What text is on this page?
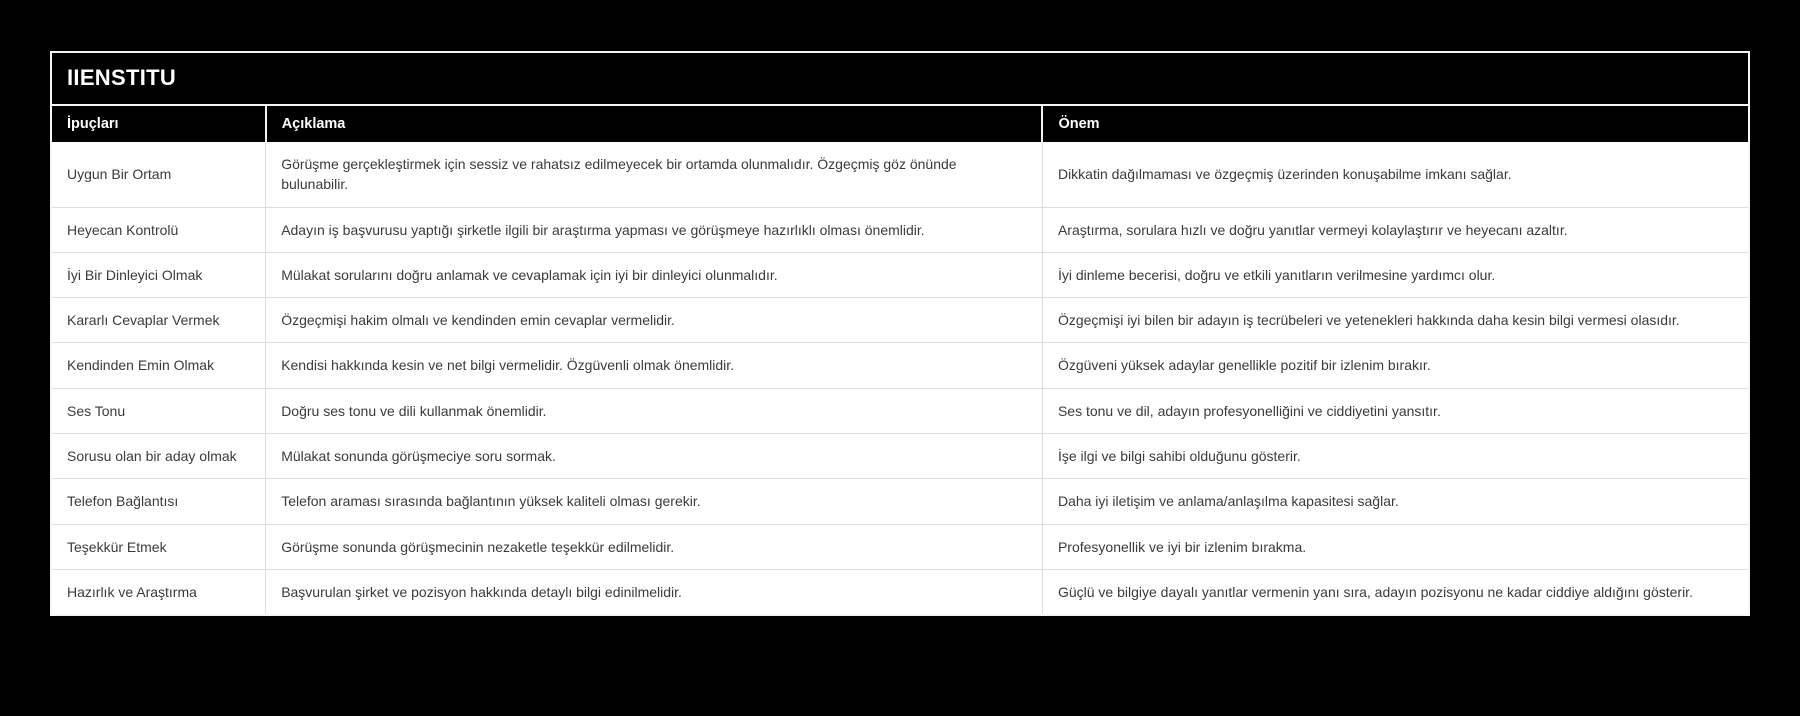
IIENSTITU
İpuçları	Açıklama	Önem
Uygun Bir Ortam	Görüşme gerçekleştirmek için sessiz ve rahatsız edilmeyecek bir ortamda olunmalıdır. Özgeçmiş göz önünde bulunabilir.	Dikkatin dağılmaması ve özgeçmiş üzerinden konuşabilme imkanı sağlar.
Heyecan Kontrolü	Adayın iş başvurusu yaptığı şirketle ilgili bir araştırma yapması ve görüşmeye hazırlıklı olması önemlidir.	Araştırma, sorulara hızlı ve doğru yanıtlar vermeyi kolaylaştırır ve heyecanı azaltır.
İyi Bir Dinleyici Olmak	Mülakat sorularını doğru anlamak ve cevaplamak için iyi bir dinleyici olunmalıdır.	İyi dinleme becerisi, doğru ve etkili yanıtların verilmesine yardımcı olur.
Kararlı Cevaplar Vermek	Özgeçmişi hakim olmalı ve kendinden emin cevaplar vermelidir.	Özgeçmişi iyi bilen bir adayın iş tecrübeleri ve yetenekleri hakkında daha kesin bilgi vermesi olasıdır.
Kendinden Emin Olmak	Kendisi hakkında kesin ve net bilgi vermelidir. Özgüvenli olmak önemlidir.	Özgüveni yüksek adaylar genellikle pozitif bir izlenim bırakır.
Ses Tonu	Doğru ses tonu ve dili kullanmak önemlidir.	Ses tonu ve dil, adayın profesyonelliğini ve ciddiyetini yansıtır.
Sorusu olan bir aday olmak	Mülakat sonunda görüşmeciye soru sormak.	İşe ilgi ve bilgi sahibi olduğunu gösterir.
Telefon Bağlantısı	Telefon araması sırasında bağlantının yüksek kaliteli olması gerekir.	Daha iyi iletişim ve anlama/anlaşılma kapasitesi sağlar.
Teşekkür Etmek	Görüşme sonunda görüşmecinin nezaketle teşekkür edilmelidir.	Profesyonellik ve iyi bir izlenim bırakma.
Hazırlık ve Araştırma	Başvurulan şirket ve pozisyon hakkında detaylı bilgi edinilmelidir.	Güçlü ve bilgiye dayalı yanıtlar vermenin yanı sıra, adayın pozisyonu ne kadar ciddiye aldığını gösterir.
